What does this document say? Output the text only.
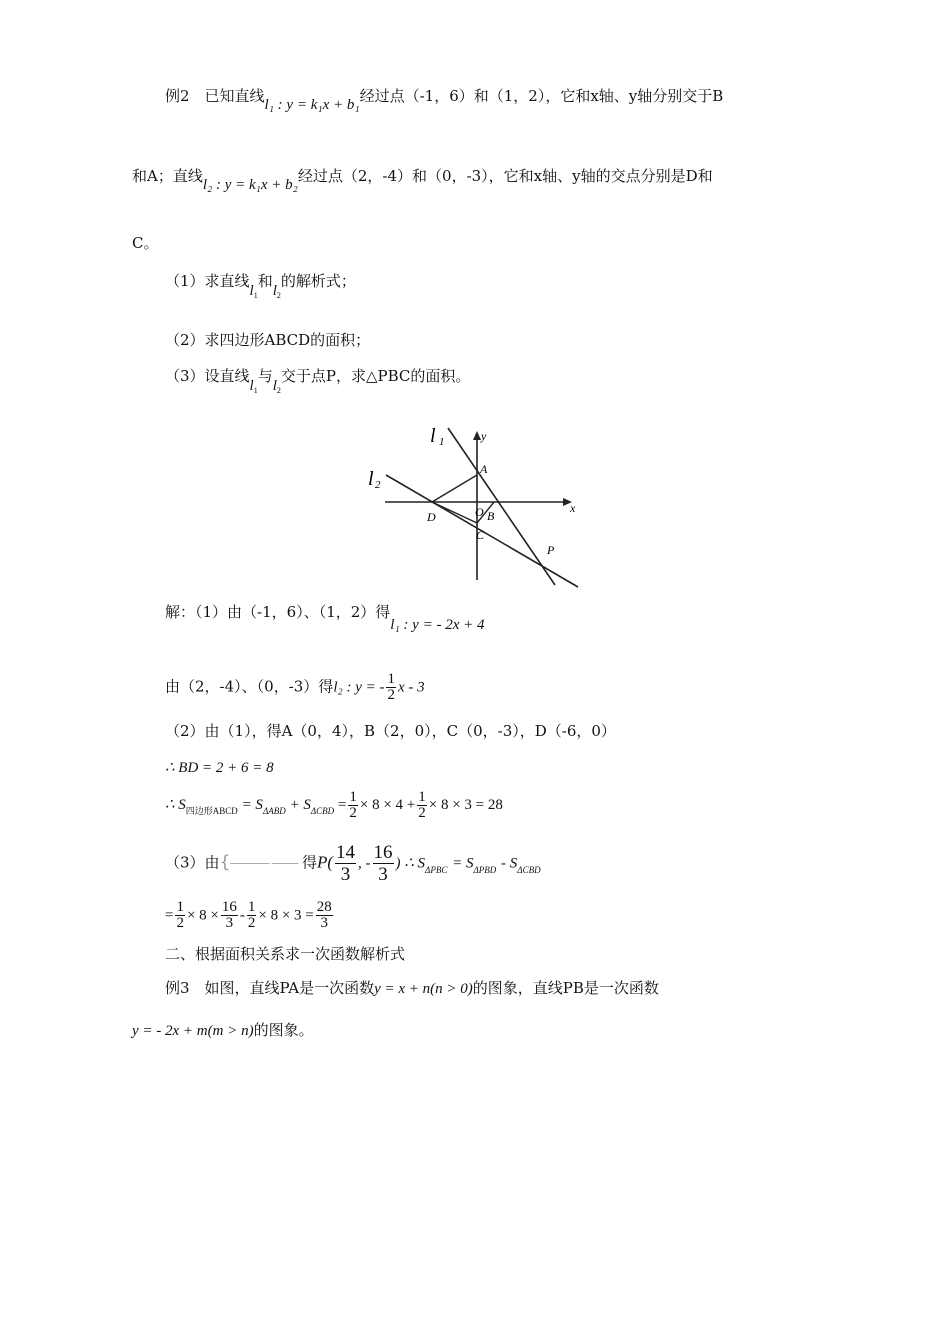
例2　已知直线l₁ : y = k₁x + b₁经过点（-1，6）和（1，2），它和x轴、y轴分别交于B
和A；直线l₂ : y = k₁x + b₂经过点（2，-4）和（0，-3），它和x轴、y轴的交点分别是D和
C。
（1）求直线$l_1$和$l_2$的解析式；
（2）求四边形ABCD的面积；
（3）设直线$l_1$与$l_2$交于点P，求△PBC的面积。
l 1
l 2
y
x
A
D	O B
C
P
解：（1）由（-1，6）、（1，2）得l₁ : y = - 2x + 4
由（2，-4）、（0，-3）得l₂ : y = - $\frac{1}{2}$ x - 3
（2）由（1），得A（0，4），B（2，0），C（0，-3），D（-6，0）
∴ BD = 2 + 6 = 8
∴ $S_{四边形ABCD} = S_{\Delta ABD} + S_{\Delta CBD} = \frac{1}{2} \times 8 \times 4 + \frac{1}{2} \times 8 \times 3 = 28$
（3）由{——— —— 得$P( \frac{14}{3}$ , - $\frac{16}{3}$ ) ∴ $S_{\Delta PBC} = S_{\Delta PBD} - S_{\Delta CBD}$
= $\frac{1}{2} \times 8 \times \frac{16}{3} - \frac{1}{2} \times 8 \times 3 = \frac{28}{3}$
二、根据面积关系求一次函数解析式
例3　如图，直线PA是一次函数y = x + n(n > 0)的图象，直线PB是一次函数
y = - 2x + m(m > n)的图象。
